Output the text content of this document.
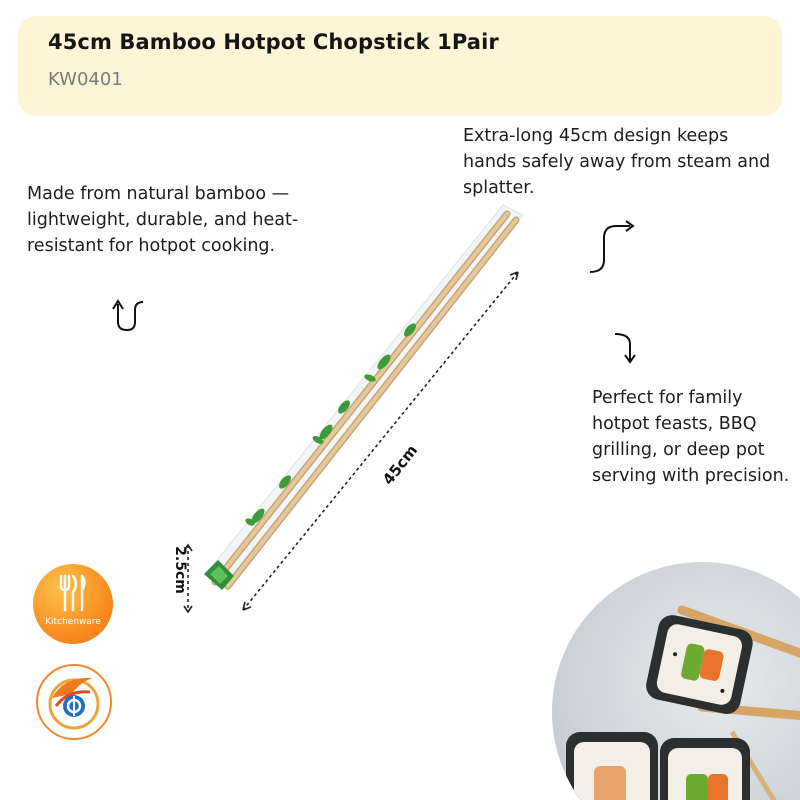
45cm Bamboo Hotpot Chopstick 1Pair
KW0401
Made from natural bamboo — lightweight, durable, and heat-resistant for hotpot cooking.
Extra-long 45cm design keeps hands safely away from steam and splatter.
Perfect for family hotpot feasts, BBQ grilling, or deep pot serving with precision.
45cm
2.5cm
Kitchenware
